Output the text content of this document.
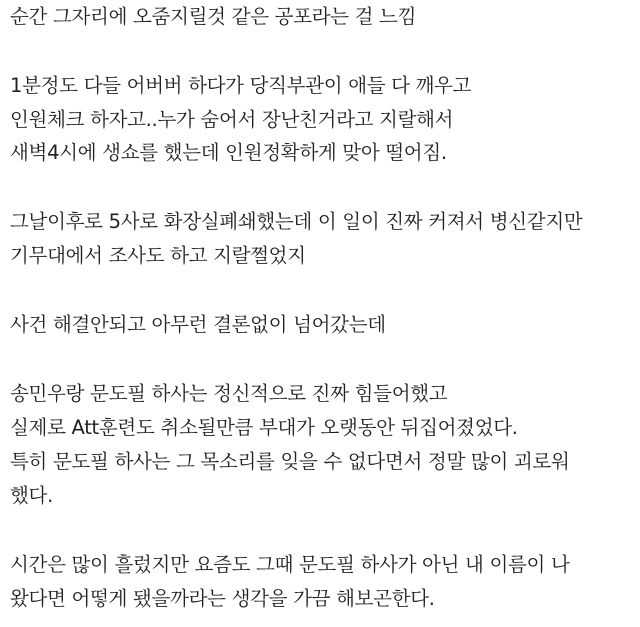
순간 그자리에 오줌지릴것 같은 공포라는 걸 느낌
1분정도 다들 어버버 하다가 당직부관이 애들 다 깨우고
인원체크 하자고..누가 숨어서 장난친거라고 지랄해서
새벽4시에 생쇼를 했는데 인원정확하게 맞아 떨어짐.
그날이후로 5사로 화장실폐쇄했는데 이 일이 진짜 커져서 병신같지만
기무대에서 조사도 하고 지랄쩔었지
사건 해결안되고 아무런 결론없이 넘어갔는데
송민우랑 문도필 하사는 정신적으로 진짜 힘들어했고
실제로 Att훈련도 취소될만큼 부대가 오랫동안 뒤집어졌었다.
특히 문도필 하사는 그 목소리를 잊을 수 없다면서 정말 많이 괴로워
했다.
시간은 많이 흘렀지만 요즘도 그때 문도필 하사가 아닌 내 이름이 나
왔다면 어떻게 됐을까라는 생각을 가끔 해보곤한다.
